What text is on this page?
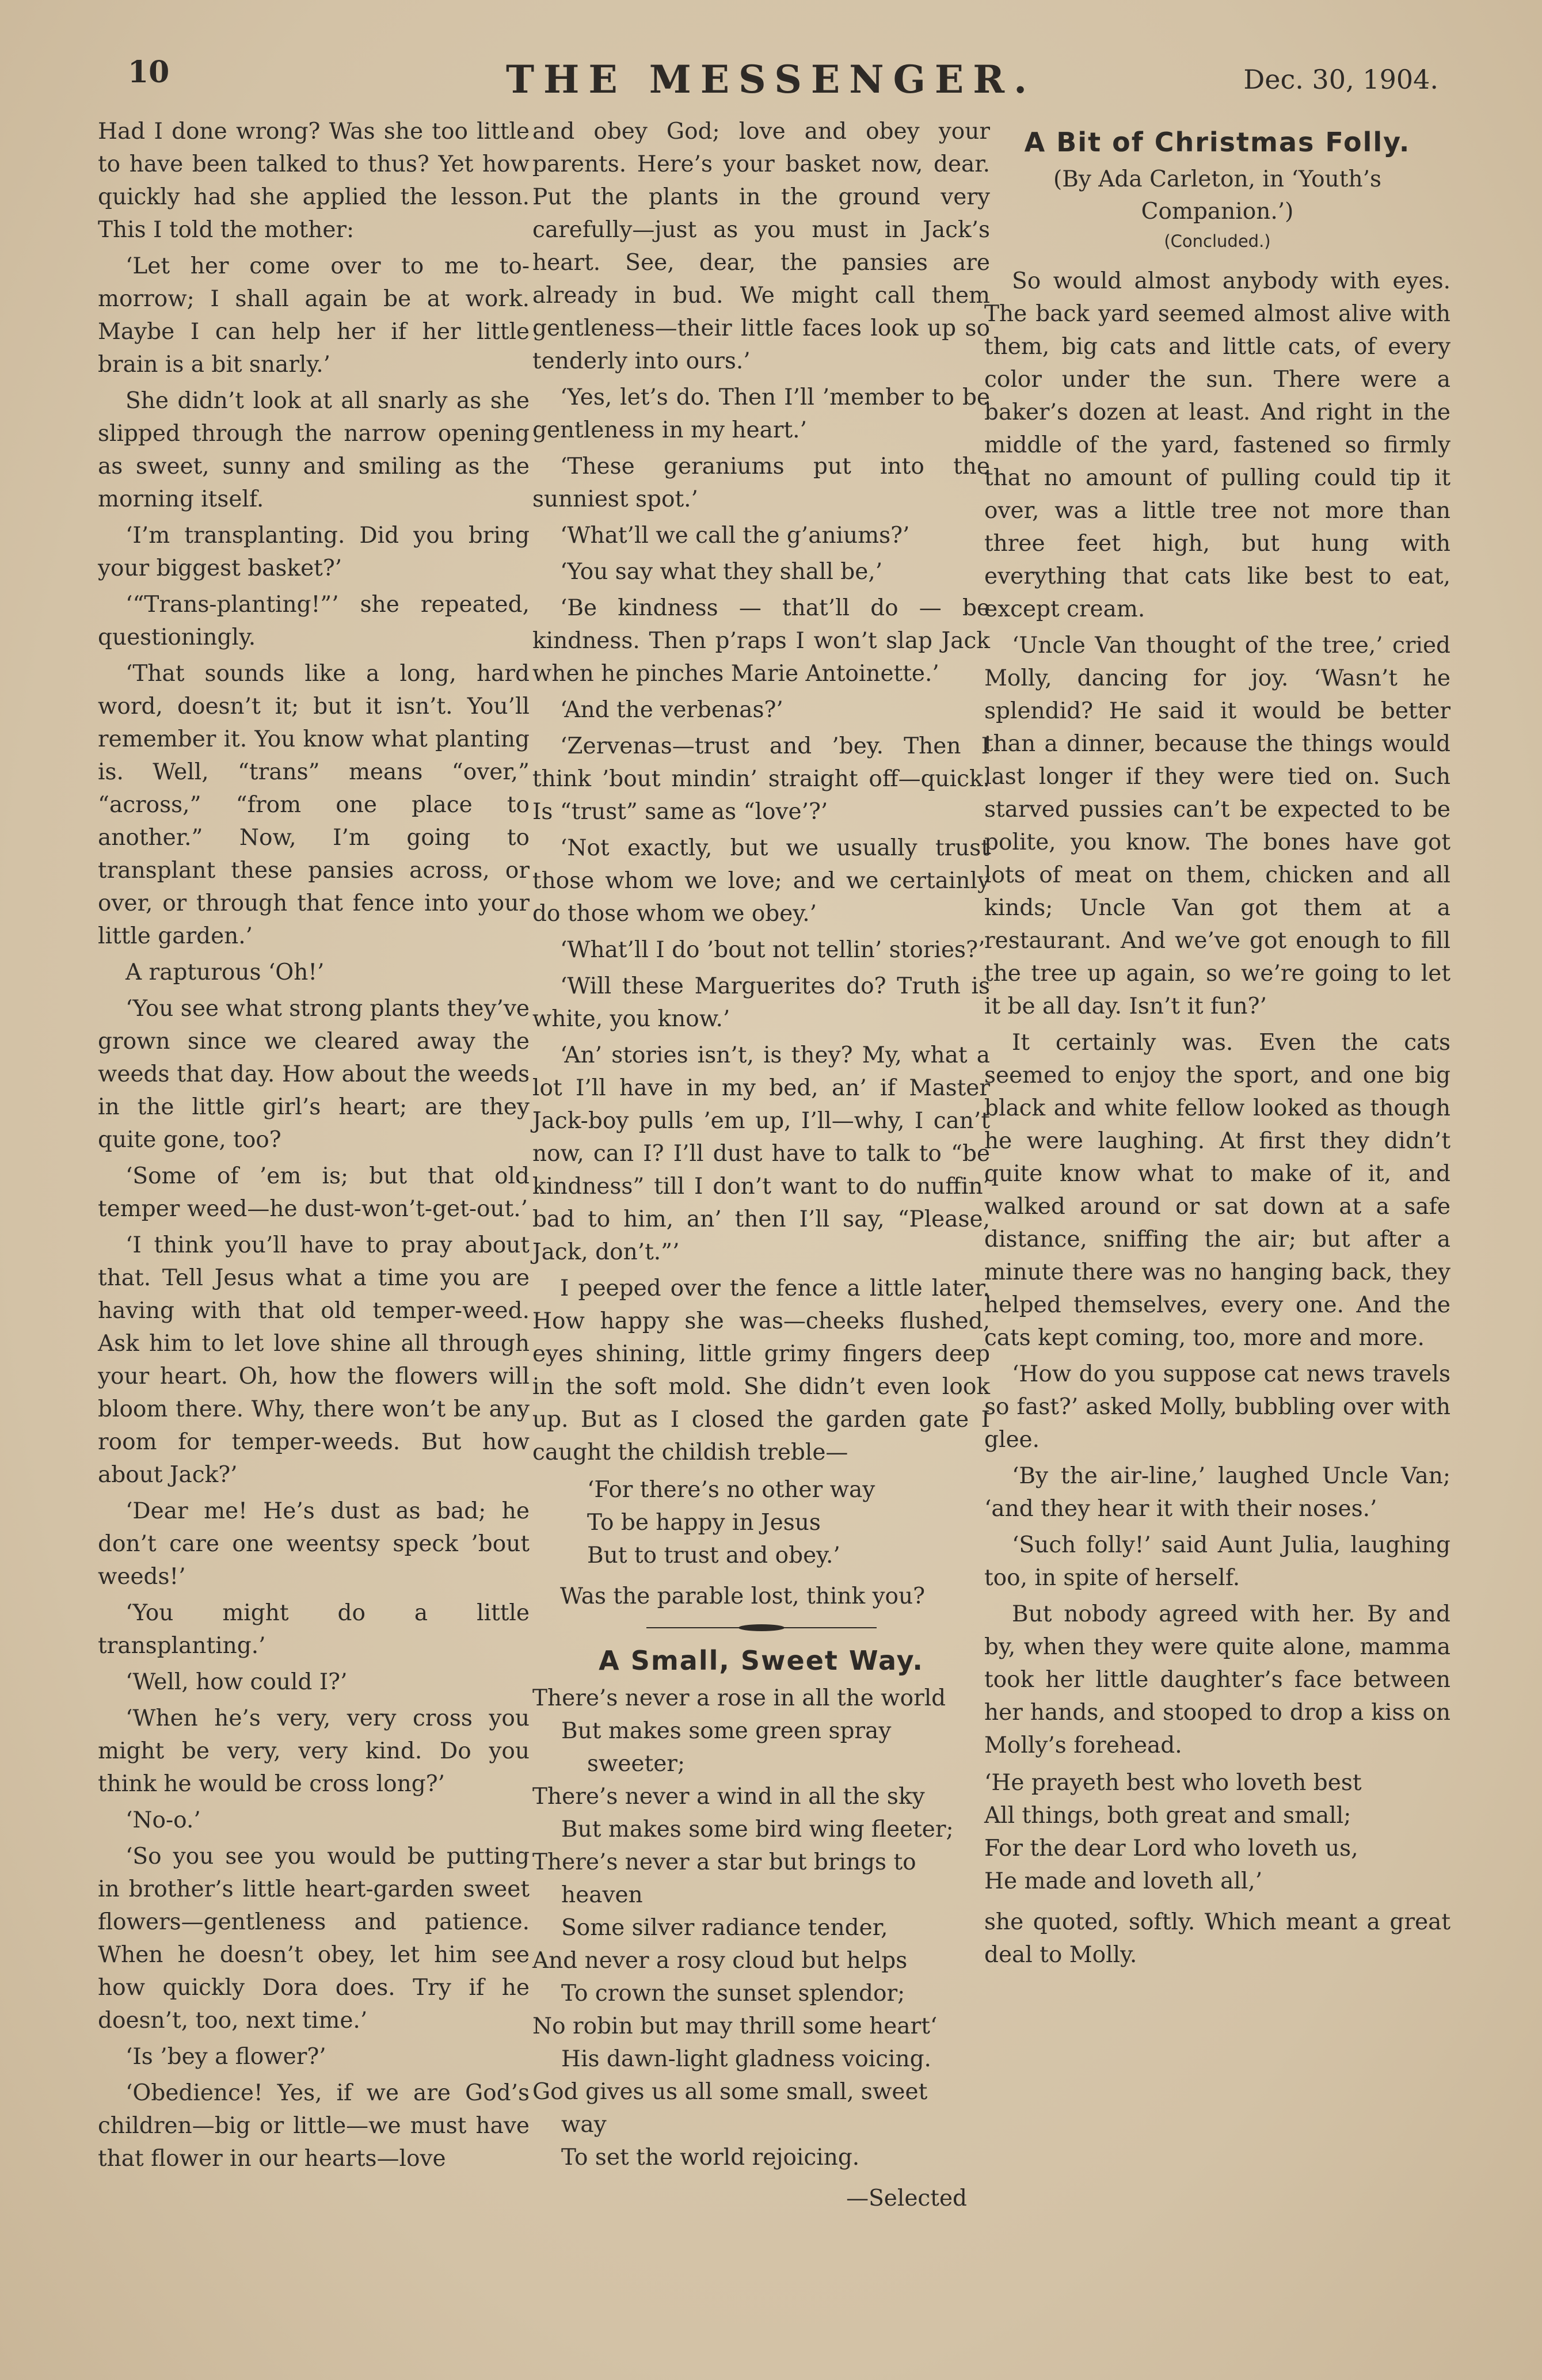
10	THE MESSENGER.	Dec. 30, 1904.

Had I done wrong? Was she too little to have been talked to thus? Yet how quickly had she applied the lesson. This I told the mother:

‘Let her come over to me to-morrow; I shall again be at work. Maybe I can help her if her little brain is a bit snarly.’

She didn’t look at all snarly as she slipped through the narrow opening as sweet, sunny and smiling as the morning itself.

‘I’m transplanting. Did you bring your biggest basket?’

‘“Trans-planting!”’ she repeated, questioningly.

‘That sounds like a long, hard word, doesn’t it; but it isn’t. You’ll remember it. You know what planting is. Well, “trans” means “over,” “across,” “from one place to another.” Now, I’m going to transplant these pansies across, or over, or through that fence into your little garden.’

A rapturous ‘Oh!’

‘You see what strong plants they’ve grown since we cleared away the weeds that day. How about the weeds in the little girl’s heart; are they quite gone, too?

‘Some of ’em is; but that old temper weed—he dust-won’t-get-out.’

‘I think you’ll have to pray about that. Tell Jesus what a time you are having with that old temper-weed. Ask him to let love shine all through your heart. Oh, how the flowers will bloom there. Why, there won’t be any room for temper-weeds. But how about Jack?’

‘Dear me! He’s dust as bad; he don’t care one weentsy speck ’bout weeds!’

‘You might do a little transplanting.’

‘Well, how could I?’

‘When he’s very, very cross you might be very, very kind. Do you think he would be cross long?’

‘No-o.’

‘So you see you would be putting in brother’s little heart-garden sweet flowers—gentleness and patience. When he doesn’t obey, let him see how quickly Dora does. Try if he doesn’t, too, next time.’

‘Is ’bey a flower?’

‘Obedience! Yes, if we are God’s children—big or little—we must have that flower in our hearts—love

and obey God; love and obey your parents. Here’s your basket now, dear. Put the plants in the ground very carefully—just as you must in Jack’s heart. See, dear, the pansies are already in bud. We might call them gentleness—their little faces look up so tenderly into ours.’

‘Yes, let’s do. Then I’ll ’member to be gentleness in my heart.’

‘These geraniums put into the sunniest spot.’

‘What’ll we call the g’aniums?’

‘You say what they shall be,’

‘Be kindness — that’ll do — be kindness. Then p’raps I won’t slap Jack when he pinches Marie Antoinette.’

‘And the verbenas?’

‘Zervenas—trust and ’bey. Then I think ’bout mindin’ straight off—quick. Is “trust” same as “love’?’

‘Not exactly, but we usually trust those whom we love; and we certainly do those whom we obey.’

‘What’ll I do ’bout not tellin’ stories?’

‘Will these Marguerites do? Truth is white, you know.’

‘An’ stories isn’t, is they? My, what a lot I’ll have in my bed, an’ if Master Jack-boy pulls ’em up, I’ll—why, I can’t now, can I? I’ll dust have to talk to “be kindness” till I don’t want to do nuffin’ bad to him, an’ then I’ll say, “Please, Jack, don’t.”’

I peeped over the fence a little later. How happy she was—cheeks flushed, eyes shining, little grimy fingers deep in the soft mold. She didn’t even look up. But as I closed the garden gate I caught the childish treble—

‘For there’s no other way
To be happy in Jesus
But to trust and obey.’

Was the parable lost, think you?

A Small, Sweet Way.
There’s never a rose in all the world
But makes some green spray
sweeter;
There’s never a wind in all the sky
But makes some bird wing fleeter;
There’s never a star but brings to
heaven
Some silver radiance tender,
And never a rosy cloud but helps
To crown the sunset splendor;
No robin but may thrill some heart‘
His dawn-light gladness voicing.
God gives us all some small, sweet
way
To set the world rejoicing.
—Selected
A Bit of Christmas Folly.
(By Ada Carleton, in ‘Youth’s Companion.’)
(Concluded.)

So would almost anybody with eyes. The back yard seemed almost alive with them, big cats and little cats, of every color under the sun. There were a baker’s dozen at least. And right in the middle of the yard, fastened so firmly that no amount of pulling could tip it over, was a little tree not more than three feet high, but hung with everything that cats like best to eat, except cream.

‘Uncle Van thought of the tree,’ cried Molly, dancing for joy. ‘Wasn’t he splendid? He said it would be better than a dinner, because the things would last longer if they were tied on. Such starved pussies can’t be expected to be polite, you know. The bones have got lots of meat on them, chicken and all kinds; Uncle Van got them at a restaurant. And we’ve got enough to fill the tree up again, so we’re going to let it be all day. Isn’t it fun?’

It certainly was. Even the cats seemed to enjoy the sport, and one big black and white fellow looked as though he were laughing. At first they didn’t quite know what to make of it, and walked around or sat down at a safe distance, sniffing the air; but after a minute there was no hanging back, they helped themselves, every one. And the cats kept coming, too, more and more.

‘How do you suppose cat news travels so fast?’ asked Molly, bubbling over with glee.

‘By the air-line,’ laughed Uncle Van; ‘and they hear it with their noses.’

‘Such folly!’ said Aunt Julia, laughing too, in spite of herself.

But nobody agreed with her. By and by, when they were quite alone, mamma took her little daughter’s face between her hands, and stooped to drop a kiss on Molly’s forehead.

‘He prayeth best who loveth best
All things, both great and small;
For the dear Lord who loveth us,
He made and loveth all,’

she quoted, softly. Which meant a great deal to Molly.
